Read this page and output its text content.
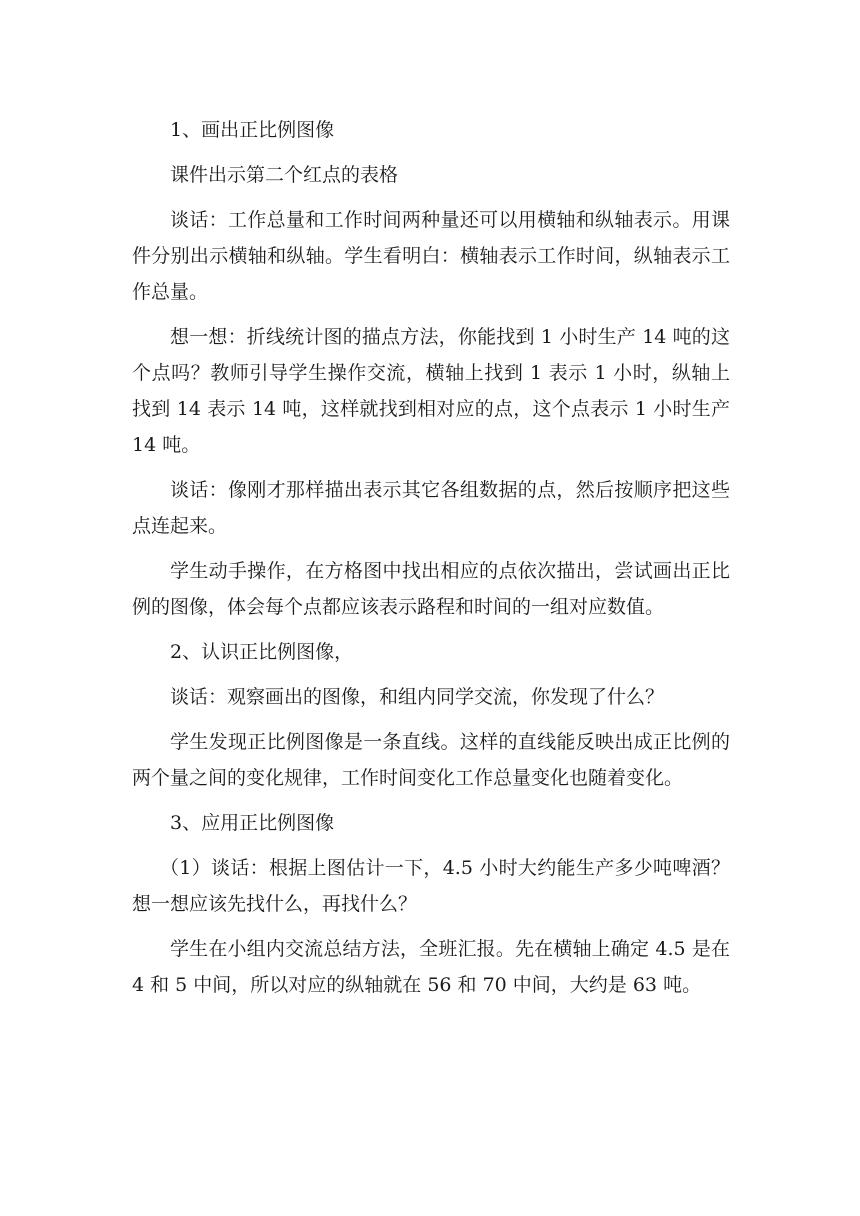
1、画出正比例图像

课件出示第二个红点的表格

谈话：工作总量和工作时间两种量还可以用横轴和纵轴表示。用课件分别出示横轴和纵轴。学生看明白：横轴表示工作时间，纵轴表示工作总量。

想一想：折线统计图的描点方法，你能找到 1 小时生产 14 吨的这个点吗？教师引导学生操作交流，横轴上找到 1 表示 1 小时，纵轴上找到 14 表示 14 吨，这样就找到相对应的点，这个点表示 1 小时生产 14 吨。

谈话：像刚才那样描出表示其它各组数据的点，然后按顺序把这些点连起来。

学生动手操作，在方格图中找出相应的点依次描出，尝试画出正比例的图像，体会每个点都应该表示路程和时间的一组对应数值。

2、认识正比例图像，

谈话：观察画出的图像，和组内同学交流，你发现了什么？

学生发现正比例图像是一条直线。这样的直线能反映出成正比例的两个量之间的变化规律，工作时间变化工作总量变化也随着变化。

3、应用正比例图像

（1）谈话：根据上图估计一下，4.5 小时大约能生产多少吨啤酒？想一想应该先找什么，再找什么？

学生在小组内交流总结方法，全班汇报。先在横轴上确定 4.5 是在 4 和 5 中间，所以对应的纵轴就在 56 和 70 中间，大约是 63 吨。
